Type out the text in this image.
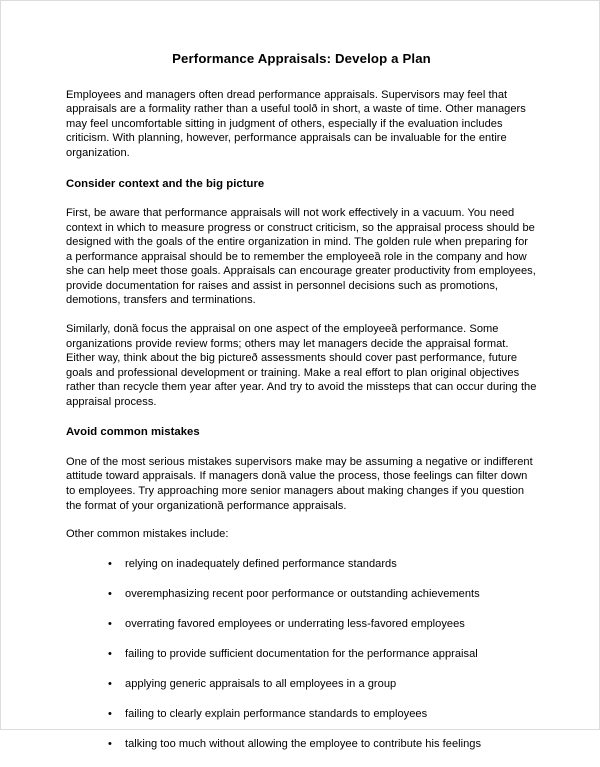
Performance Appraisals: Develop a Plan

Employees and managers often dread performance appraisals. Supervisors may feel that appraisals are a formality rather than a useful toolð in short, a waste of time. Other managers may feel uncomfortable sitting in judgment of others, especially if the evaluation includes criticism. With planning, however, performance appraisals can be invaluable for the entire organization.

Consider context and the big picture

First, be aware that performance appraisals will not work effectively in a vacuum. You need context in which to measure progress or construct criticism, so the appraisal process should be designed with the goals of the entire organization in mind. The golden rule when preparing for a performance appraisal should be to remember the employeeȁ role in the company and how she can help meet those goals. Appraisals can encourage greater productivity from employees, provide documentation for raises and assist in personnel decisions such as promotions, demotions, transfers and terminations.

Similarly, donȁ focus the appraisal on one aspect of the employeeȁ performance. Some organizations provide review forms; others may let managers decide the appraisal format. Either way, think about the big pictureð assessments should cover past performance, future goals and professional development or training. Make a real effort to plan original objectives rather than recycle them year after year. And try to avoid the missteps that can occur during the appraisal process.

Avoid common mistakes

One of the most serious mistakes supervisors make may be assuming a negative or indifferent attitude toward appraisals. If managers donȁ value the process, those feelings can filter down to employees. Try approaching more senior managers about making changes if you question the format of your organizationȁ performance appraisals.

Other common mistakes include:

• relying on inadequately defined performance standards
• overemphasizing recent poor performance or outstanding achievements
• overrating favored employees or underrating less-favored employees
• failing to provide sufficient documentation for the performance appraisal
• applying generic appraisals to all employees in a group
• failing to clearly explain performance standards to employees
• talking too much without allowing the employee to contribute his feelings
